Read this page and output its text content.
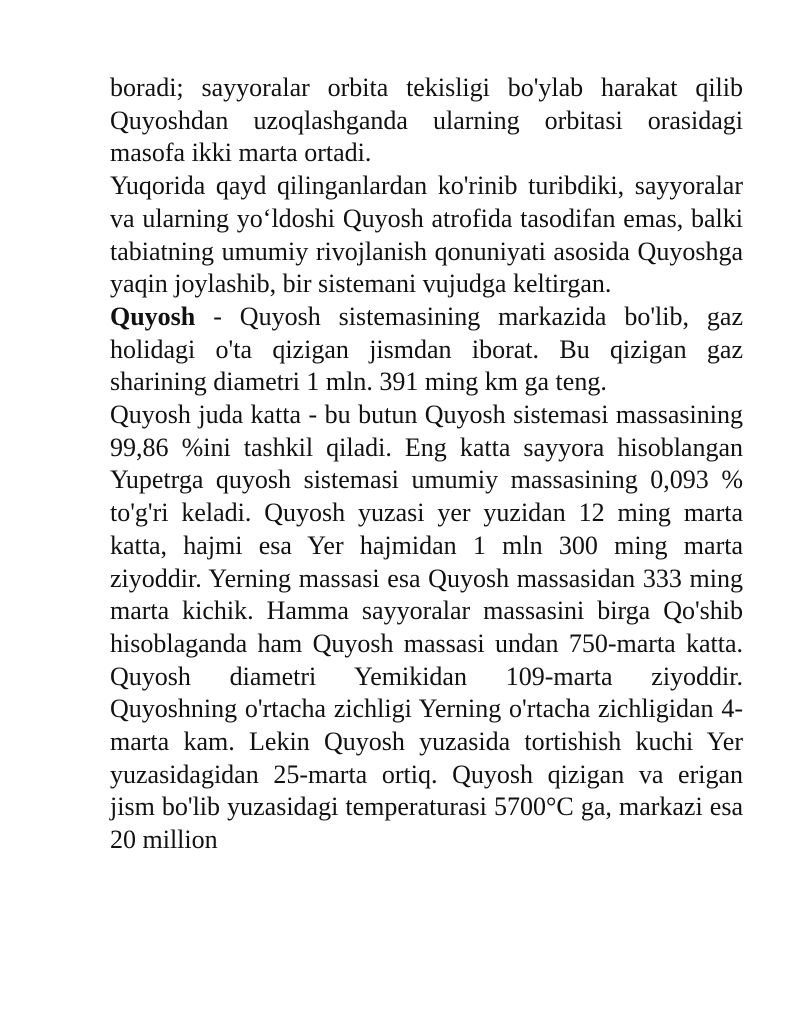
boradi; sayyoralar orbita tekisligi bo'ylab harakat qilib Quyoshdan uzoqlashganda ularning orbitasi orasidagi masofa ikki marta ortadi.

Yuqorida qayd qilinganlardan ko'rinib turibdiki, sayyoralar va ularning yo‘ldoshi Quyosh atrofida tasodifan emas, balki tabiatning umumiy rivojlanish qonuniyati asosida Quyoshga yaqin joylashib, bir sistemani vujudga keltirgan.

Quyosh - Quyosh sistemasining markazida bo'lib, gaz holidagi o'ta qizigan jismdan iborat. Bu qizigan gaz sharining diametri 1 mln. 391 ming km ga teng.

Quyosh juda katta - bu butun Quyosh sistemasi massasining 99,86 %ini tashkil qiladi. Eng katta sayyora hisoblangan Yupetrga quyosh sistemasi umumiy massasining 0,093 % to'g'ri keladi. Quyosh yuzasi yer yuzidan 12 ming marta katta, hajmi esa Yer hajmidan 1 mln 300 ming marta ziyoddir. Yerning massasi esa Quyosh massasidan 333 ming marta kichik. Hamma sayyoralar massasini birga Qo'shib hisoblaganda ham Quyosh massasi undan 750-marta katta. Quyosh diametri Yemikidan 109-marta ziyoddir. Quyoshning o'rtacha zichligi Yerning o'rtacha zichligidan 4-marta kam. Lekin Quyosh yuzasida tortishish kuchi Yer yuzasidagidan 25-marta ortiq. Quyosh qizigan va erigan jism bo'lib yuzasidagi temperaturasi 5700°C ga, markazi esa 20 million
